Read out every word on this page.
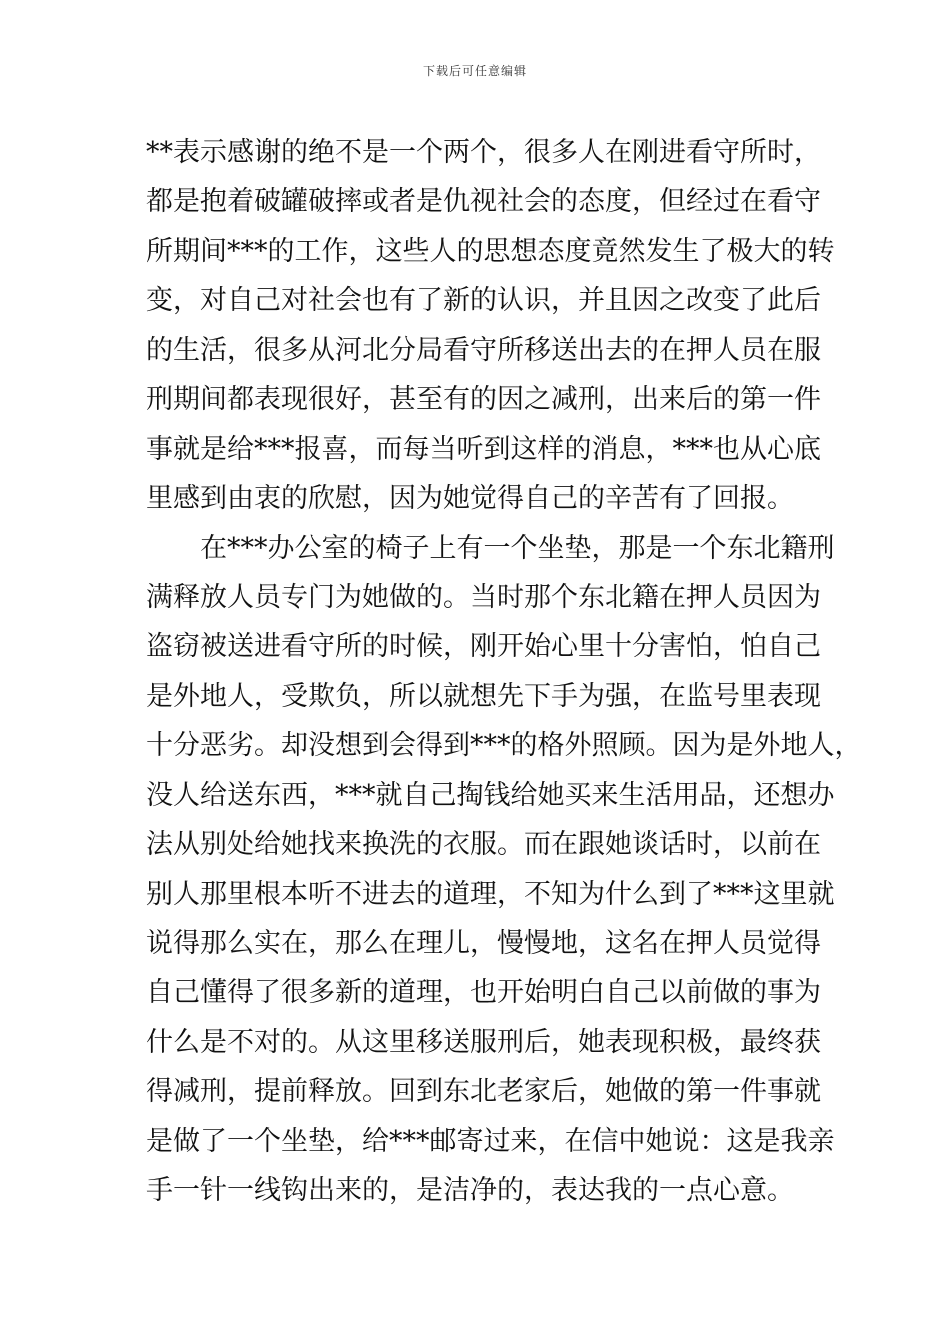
下载后可任意编辑
**表示感谢的绝不是一个两个，很多人在刚进看守所时，
都是抱着破罐破摔或者是仇视社会的态度，但经过在看守
所期间***的工作，这些人的思想态度竟然发生了极大的转
变，对自己对社会也有了新的认识，并且因之改变了此后
的生活，很多从河北分局看守所移送出去的在押人员在服
刑期间都表现很好，甚至有的因之减刑，出来后的第一件
事就是给***报喜，而每当听到这样的消息，***也从心底
里感到由衷的欣慰，因为她觉得自己的辛苦有了回报。
在***办公室的椅子上有一个坐垫，那是一个东北籍刑
满释放人员专门为她做的。当时那个东北籍在押人员因为
盗窃被送进看守所的时候，刚开始心里十分害怕，怕自己
是外地人，受欺负，所以就想先下手为强，在监号里表现
十分恶劣。却没想到会得到***的格外照顾。因为是外地人，
没人给送东西，***就自己掏钱给她买来生活用品，还想办
法从别处给她找来换洗的衣服。而在跟她谈话时，以前在
别人那里根本听不进去的道理，不知为什么到了***这里就
说得那么实在，那么在理儿，慢慢地，这名在押人员觉得
自己懂得了很多新的道理，也开始明白自己以前做的事为
什么是不对的。从这里移送服刑后，她表现积极，最终获
得减刑，提前释放。回到东北老家后，她做的第一件事就
是做了一个坐垫，给***邮寄过来，在信中她说：这是我亲
手一针一线钩出来的，是洁净的，表达我的一点心意。
